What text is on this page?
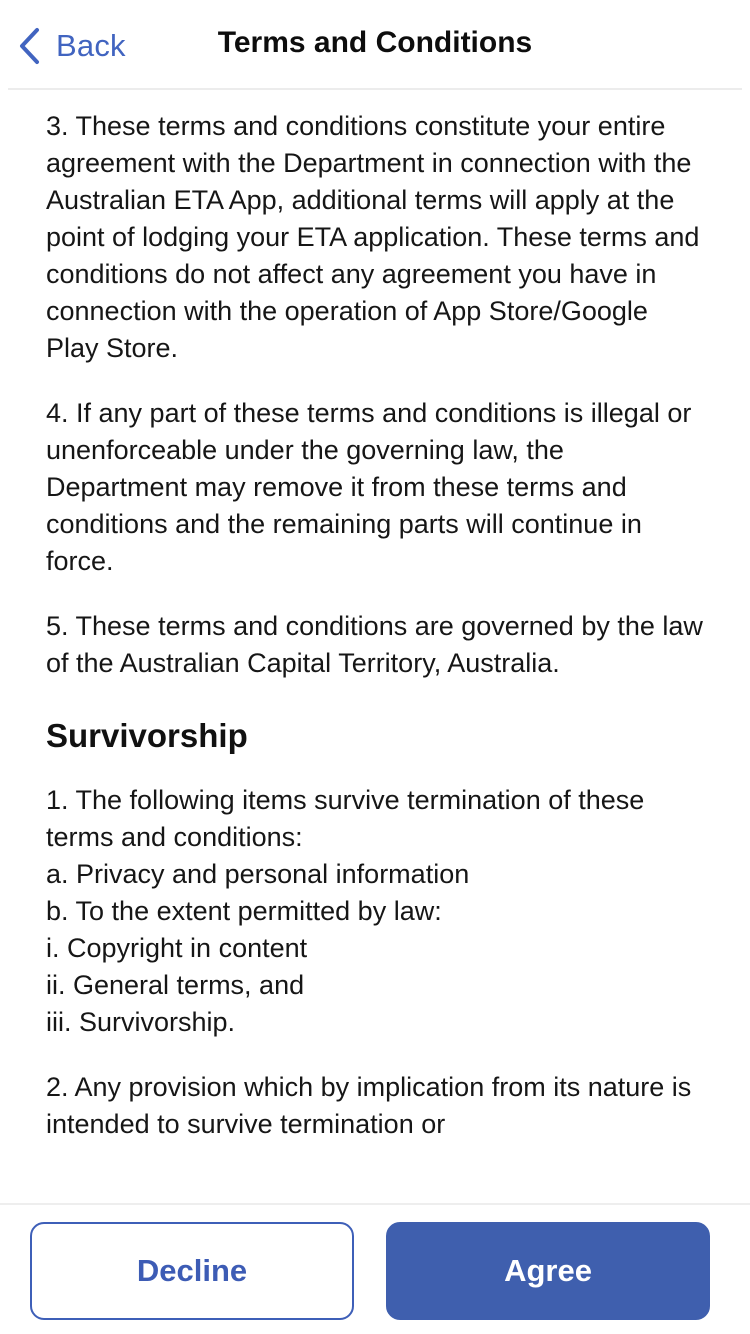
Back	Terms and Conditions

3. These terms and conditions constitute your entire agreement with the Department in connection with the Australian ETA App, additional terms will apply at the point of lodging your ETA application. These terms and conditions do not affect any agreement you have in connection with the operation of App Store/Google Play Store.

4. If any part of these terms and conditions is illegal or unenforceable under the governing law, the Department may remove it from these terms and conditions and the remaining parts will continue in force.

5. These terms and conditions are governed by the law of the Australian Capital Territory, Australia.

Survivorship

1. The following items survive termination of these terms and conditions:
a. Privacy and personal information
b. To the extent permitted by law:
i. Copyright in content
ii. General terms, and
iii. Survivorship.

2. Any provision which by implication from its nature is intended to survive termination or

Decline	Agree
